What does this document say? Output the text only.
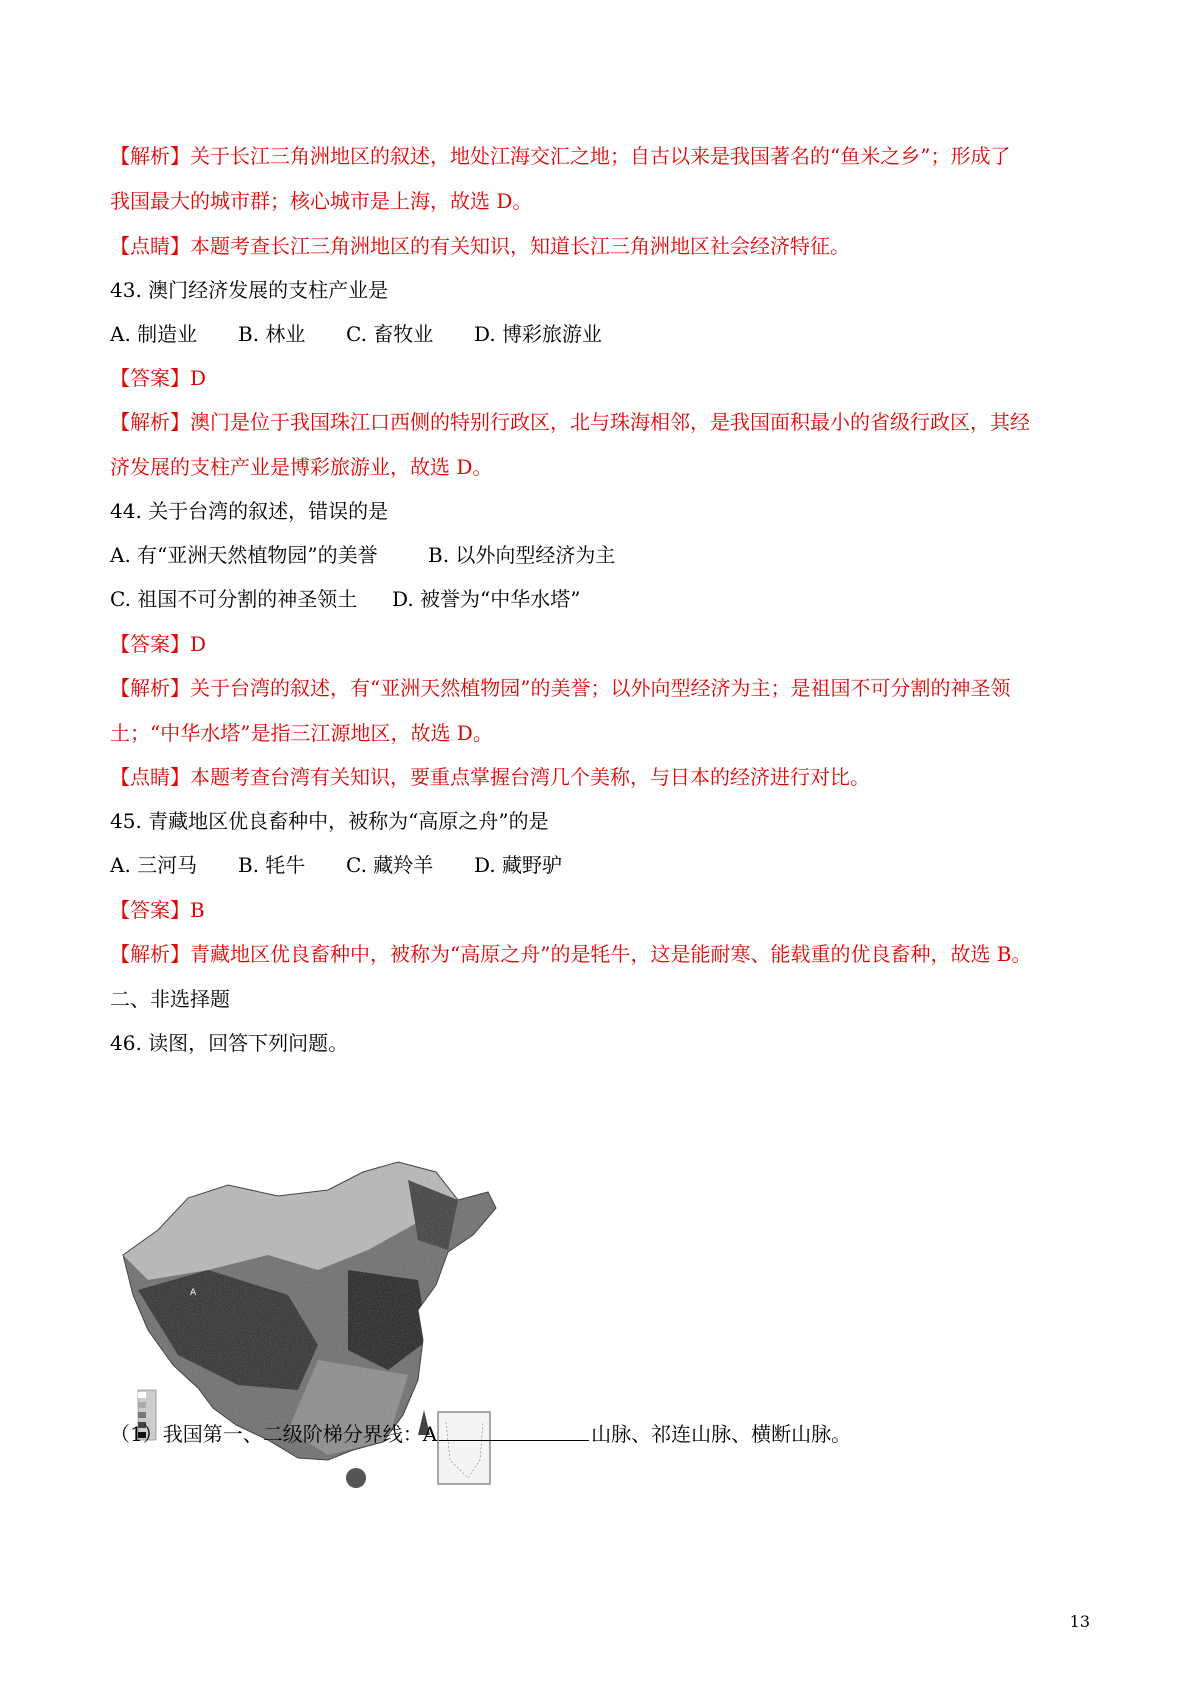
【解析】关于长江三角洲地区的叙述，地处江海交汇之地；自古以来是我国著名的“鱼米之乡”；形成了
我国最大的城市群；核心城市是上海，故选 D。
【点睛】本题考查长江三角洲地区的有关知识，知道长江三角洲地区社会经济特征。
43. 澳门经济发展的支柱产业是
A. 制造业 B. 林业 C. 畜牧业 D. 博彩旅游业
【答案】D
【解析】澳门是位于我国珠江口西侧的特别行政区，北与珠海相邻，是我国面积最小的省级行政区，其经
济发展的支柱产业是博彩旅游业，故选 D。
44. 关于台湾的叙述，错误的是
A. 有“亚洲天然植物园”的美誉	B. 以外向型经济为主
C. 祖国不可分割的神圣领土 D. 被誉为“中华水塔”
【答案】D
【解析】关于台湾的叙述，有“亚洲天然植物园”的美誉；以外向型经济为主；是祖国不可分割的神圣领
土；“中华水塔”是指三江源地区，故选 D。
【点睛】本题考查台湾有关知识，要重点掌握台湾几个美称，与日本的经济进行对比。
45. 青藏地区优良畜种中，被称为“高原之舟”的是
A. 三河马 B. 牦牛 C. 藏羚羊 D. 藏野驴
【答案】B
【解析】青藏地区优良畜种中，被称为“高原之舟”的是牦牛，这是能耐寒、能载重的优良畜种，故选 B。
二、非选择题
46. 读图，回答下列问题。
A
（1）我国第一、二级阶梯分界线：A	山脉、祁连山脉、横断山脉。
13
